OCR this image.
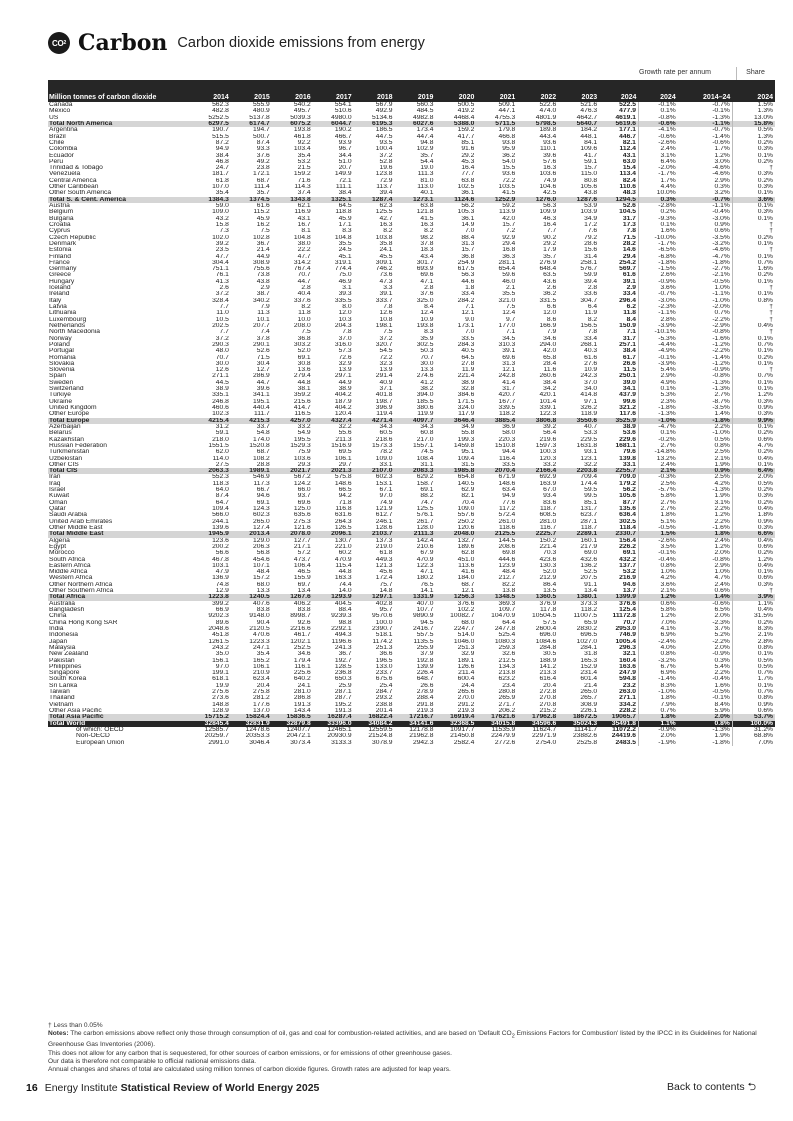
CO 2 Carbon Carbon dioxide emissions from energy
Growth rate per annum	Share
Million tonnes of carbon dioxide	2014	2015	2016	2017	2018	2019	2020	2021	2022	2023	2024	2024	2014–24	2024
Canada	562.3	555.9	540.2	554.1	567.9	560.3	500.5	509.1	522.6	521.6	522.5	-0.1%	-0.7%	1.5%
Mexico	482.8	480.9	495.7	510.6	492.9	484.5	419.2	447.1	474.0	476.3	477.9	0.1%	-0.1%	1.3%
US	5252.5	5137.8	5039.3	4980.0	5134.6	4982.8	4468.4	4755.3	4801.9	4642.7	4619.1	-0.8%	-1.3%	13.0%
Total North America	6297.5	6174.7	6075.2	6044.7	6195.3	6027.6	5388.0	5711.5	5798.5	5640.7	5619.6	-0.6%	-1.1%	15.8%
Argentina	190.7	194.7	193.8	190.2	186.5	173.4	159.2	179.8	189.8	184.2	177.1	-4.1%	-0.7%	0.5%
Brazil	515.5	500.7	461.8	466.7	447.5	447.4	417.7	466.8	443.4	448.1	446.7	-0.6%	-1.4%	1.3%
Chile	87.2	87.4	92.2	93.9	93.5	94.8	85.1	93.8	93.6	84.1	82.1	-2.6%	-0.6%	0.2%
Colombia	94.9	93.3	103.4	96.7	100.4	102.9	91.6	95.9	110.1	109.6	112.4	2.4%	1.7%	0.3%
Ecuador	38.4	37.6	35.4	34.4	37.2	35.7	29.2	36.2	39.6	41.7	43.1	3.1%	1.2%	0.1%
Peru	46.8	49.2	53.2	51.0	52.8	54.4	45.3	54.0	57.6	59.1	63.0	6.4%	3.0%	0.2%
Trinidad & Tobago	24.7	23.8	21.5	20.7	19.6	19.0	16.4	15.5	16.3	15.7	15.4	-2.0%	-4.6%	†
Venezuela	181.7	172.1	159.2	149.9	123.8	111.3	77.7	93.6	103.6	115.0	113.4	-1.7%	-4.6%	0.3%
Central America	61.8	68.7	71.6	72.1	72.9	81.0	63.8	72.2	74.9	80.8	82.4	1.7%	2.9%	0.2%
Other Caribbean	107.0	111.4	114.3	111.1	113.7	113.0	102.5	103.5	104.6	105.6	110.6	4.4%	0.3%	0.3%
Other South America	35.4	35.7	37.4	38.4	39.4	40.1	36.1	41.5	42.5	43.8	48.3	10.0%	3.2%	0.1%
Total S. & Cent. America	1384.3	1374.5	1343.8	1325.1	1287.4	1273.1	1124.6	1252.9	1276.0	1287.6	1294.5	0.3%	-0.7%	3.6%
Austria	59.0	61.6	62.1	64.5	62.3	63.8	56.2	59.2	56.3	53.9	52.6	-2.8%	-1.1%	0.1%
Belgium	109.0	115.2	116.9	118.8	125.5	121.8	105.3	113.9	109.9	103.9	104.5	0.2%	-0.4%	0.3%
Bulgaria	43.2	45.9	43.1	45.9	42.7	41.5	36.1	42.0	46.3	34.9	31.7	-9.3%	-3.0%	0.1%
Croatia	15.8	16.2	16.7	17.1	16.3	16.3	14.9	15.7	16.4	17.2	17.3	0.1%	0.9%	†
Cyprus	7.3	7.5	8.1	8.3	8.2	8.2	7.0	7.2	7.7	7.6	7.8	1.6%	0.6%	†
Czech Republic	102.0	102.8	104.8	104.8	103.8	98.2	88.4	92.9	90.2	79.2	71.5	-10.0%	-3.5%	0.2%
Denmark	39.2	36.7	38.0	35.5	35.8	37.8	31.3	29.4	29.2	28.6	28.2	-1.7%	-3.2%	0.1%
Estonia	23.5	21.4	22.2	24.5	24.1	18.3	15.7	16.8	17.9	15.6	14.6	-6.5%	-4.6%	†
Finland	47.7	44.9	47.7	45.1	45.5	43.4	36.8	36.3	35.7	31.4	29.4	-6.8%	-4.7%	0.1%
France	304.4	308.9	314.2	319.1	309.1	301.7	254.9	281.1	276.9	258.1	254.2	-1.8%	-1.8%	0.7%
Germany	751.1	755.6	767.4	774.4	746.2	693.9	617.5	654.4	648.4	576.7	569.7	-1.5%	-2.7%	1.6%
Greece	76.1	73.8	70.7	75.0	73.6	69.6	56.3	59.6	63.5	59.9	61.6	2.6%	-2.1%	0.2%
Hungary	41.3	43.8	44.7	46.9	47.3	47.1	44.6	46.0	43.6	39.4	39.1	-0.9%	-0.5%	0.1%
Iceland	2.6	2.9	2.8	3.1	3.3	2.8	1.8	2.1	2.6	2.8	2.9	3.6%	1.0%	†
Ireland	37.2	38.7	40.4	39.3	39.1	37.6	33.4	35.5	36.2	33.6	33.4	-0.7%	-1.1%	0.1%
Italy	328.4	340.2	337.6	335.5	333.7	325.0	284.2	321.0	331.5	304.7	296.4	-3.0%	-1.0%	0.8%
Latvia	7.7	7.9	8.2	8.0	7.8	8.4	7.1	7.5	6.6	6.4	6.2	-2.3%	-2.0%	†
Lithuania	11.0	11.3	11.8	12.0	12.6	12.4	12.1	12.4	12.0	11.9	11.8	-1.1%	0.7%	†
Luxembourg	10.5	10.1	10.0	10.3	10.8	10.9	9.0	9.7	8.6	8.2	8.4	2.8%	-2.2%	†
Netherlands	202.5	207.7	208.0	204.3	198.1	193.8	173.1	177.0	166.9	156.5	150.9	-3.9%	-2.9%	0.4%
North Macedonia	7.7	7.4	7.5	7.8	7.5	8.3	7.0	7.1	7.9	7.8	7.1	-10.1%	-0.8%	†
Norway	37.2	37.8	36.8	37.0	37.2	35.9	33.5	34.5	34.6	33.4	31.7	-5.3%	-1.6%	0.1%
Poland	290.3	290.1	303.2	316.0	320.7	302.5	284.3	310.3	294.0	268.1	257.1	-4.4%	-1.2%	0.7%
Portugal	48.0	52.6	52.0	57.3	54.5	50.3	40.5	39.1	42.0	40.3	38.4	-4.9%	-2.2%	0.1%
Romania	70.7	71.5	69.1	72.6	72.2	70.7	64.5	69.6	65.8	61.6	61.7	-0.1%	-1.4%	0.2%
Slovakia	30.0	30.4	30.8	32.9	32.3	30.0	27.8	31.3	28.4	27.6	26.6	-3.9%	-1.2%	0.1%
Slovenia	12.6	12.7	13.6	13.9	13.9	13.3	11.9	12.1	11.6	10.9	11.5	5.4%	-0.9%	†
Spain	271.1	286.9	279.4	297.1	291.4	274.6	221.4	242.8	260.6	242.3	250.1	2.9%	-0.8%	0.7%
Sweden	44.5	44.7	44.8	44.9	40.9	41.2	38.9	41.4	38.4	37.0	39.0	4.9%	-1.3%	0.1%
Switzerland	38.9	39.6	38.1	38.9	37.1	38.2	32.8	31.7	34.2	34.0	34.1	0.1%	-1.3%	0.1%
Türkiye	335.1	341.1	359.2	404.2	401.8	394.0	384.6	420.7	420.1	414.8	437.9	5.3%	2.7%	1.2%
Ukraine	246.8	195.1	215.6	187.9	198.7	185.5	171.5	167.7	101.4	97.1	99.6	2.3%	-8.7%	0.3%
United Kingdom	460.6	440.4	414.7	404.2	396.9	380.6	324.0	339.5	339.1	326.2	321.2	-1.8%	-3.5%	0.9%
Other Europe	102.3	111.7	116.5	120.4	119.4	119.9	117.9	118.2	122.3	118.9	117.6	-1.3%	1.4%	0.3%
Total Europe	4215.4	4215.3	4257.0	4327.4	4271.4	4097.7	3646.4	3885.4	3806.8	3550.6	3525.9	-1.0%	-1.8%	9.9%
Azerbaijan	31.2	33.7	33.2	32.2	34.3	34.3	34.9	36.9	39.2	40.7	38.9	-4.7%	2.2%	0.1%
Belarus	59.1	54.8	54.9	55.6	60.5	60.8	55.8	58.0	56.4	53.3	53.6	0.1%	-1.0%	0.2%
Kazakhstan	218.0	174.0	195.5	211.3	218.6	217.0	199.3	220.3	219.6	229.5	229.6	-0.2%	0.5%	0.6%
Russian Federation	1551.5	1520.8	1529.3	1516.9	1573.3	1557.1	1459.8	1510.8	1597.3	1631.8	1681.1	2.7%	0.8%	4.7%
Turkmenistan	62.0	68.7	75.9	69.5	78.2	74.5	95.1	94.4	100.3	93.1	79.6	-14.8%	2.5%	0.2%
Uzbekistan	114.0	108.2	103.6	106.1	109.0	108.4	109.4	116.4	120.3	123.1	139.8	13.2%	2.1%	0.4%
Other CIS	27.5	28.8	29.3	29.7	33.1	31.1	31.5	33.5	33.2	32.2	33.1	2.4%	1.9%	0.1%
Total CIS	2063.3	1989.1	2021.7	2021.3	2107.0	2083.3	1985.8	2070.4	2166.4	2203.8	2255.7	2.1%	0.9%	6.4%
Iran	552.3	546.9	567.2	575.8	602.3	629.2	654.8	671.9	692.9	709.4	709.0	-0.3%	2.5%	2.0%
Iraq	118.3	117.3	124.2	148.6	153.1	158.7	140.5	148.6	163.9	174.4	179.2	2.5%	4.2%	0.5%
Israel	64.0	66.7	66.0	66.5	67.1	69.1	62.9	63.4	67.0	59.5	56.2	-5.7%	-1.3%	0.2%
Kuwait	87.4	94.6	93.7	94.2	97.0	88.2	82.1	94.9	93.4	99.5	105.6	5.8%	1.9%	0.3%
Oman	64.7	69.1	69.6	71.8	74.9	74.7	70.4	77.6	83.6	85.1	87.7	2.7%	3.1%	0.2%
Qatar	109.4	124.3	125.0	116.8	121.9	125.5	109.0	117.2	118.7	131.7	135.6	2.7%	2.2%	0.4%
Saudi Arabia	566.0	602.3	635.6	631.6	612.7	576.1	557.6	572.4	608.5	623.7	636.4	1.8%	1.2%	1.8%
United Arab Emirates	244.1	265.0	275.3	264.3	246.1	261.7	250.2	261.0	281.0	287.1	302.5	5.1%	2.2%	0.9%
Other Middle East	139.6	127.4	121.6	126.5	128.6	128.0	120.6	118.6	116.7	118.7	118.4	-0.5%	-1.6%	0.3%
Total Middle East	1945.9	2013.4	2078.0	2096.1	2103.7	2111.3	2048.0	2125.5	2225.7	2289.1	2330.7	1.5%	1.8%	6.6%
Algeria	123.6	129.0	127.7	130.7	137.3	142.4	132.7	144.5	150.2	160.1	156.4	-2.6%	2.4%	0.4%
Egypt	200.2	206.3	217.1	221.0	219.0	210.6	189.6	208.6	221.4	217.9	226.2	3.5%	1.2%	0.6%
Morocco	56.6	56.8	57.2	60.2	61.8	67.9	62.8	69.8	70.3	69.0	69.1	-0.1%	2.0%	0.2%
South Africa	467.8	454.6	473.7	470.9	449.3	470.9	451.0	444.6	423.6	432.6	432.2	-0.4%	-0.8%	1.2%
Eastern Africa	103.1	107.1	106.4	115.4	121.3	122.3	113.6	123.9	130.3	136.2	137.7	0.8%	2.9%	0.4%
Middle Africa	47.9	48.4	46.5	44.8	45.6	47.1	41.6	48.4	52.0	52.5	53.2	1.0%	1.0%	0.1%
Western Africa	136.9	157.2	155.9	163.3	172.4	180.2	184.0	212.7	212.9	207.5	216.9	4.2%	4.7%	0.6%
Other Northern Africa	74.8	68.0	69.7	74.4	75.7	76.5	68.7	82.2	86.4	91.1	94.6	3.6%	2.4%	0.3%
Other Southern Africa	12.9	13.3	13.4	14.0	14.8	14.1	12.1	13.8	13.5	13.4	13.7	2.1%	0.6%	†
Total Africa	1223.8	1240.5	1267.6	1293.9	1297.1	1331.9	1256.3	1348.5	1360.5	1380.1	1399.9	1.2%	1.4%	3.9%
Australia	399.2	407.6	406.2	404.5	402.8	407.0	376.6	369.3	376.9	373.3	376.6	0.6%	-0.6%	1.1%
Bangladesh	66.9	83.8	83.8	88.4	95.7	107.7	102.2	109.7	117.8	118.2	125.4	5.8%	6.5%	0.4%
China	9202.3	9148.0	8998.7	9239.3	9570.6	9890.9	10082.7	10470.9	10504.5	11007.5	11172.8	1.2%	2.0%	31.5%
China Hong Kong SAR	89.6	90.4	92.6	98.8	100.0	94.5	68.0	64.4	57.5	65.9	70.7	7.0%	-2.3%	0.2%
India	2048.6	2120.5	2216.6	2292.1	2390.7	2416.7	2247.7	2477.8	2600.4	2830.2	2953.0	4.1%	3.7%	8.3%
Indonesia	451.8	470.6	461.7	494.3	518.1	557.5	514.0	525.4	696.0	696.5	746.9	6.9%	5.2%	2.1%
Japan	1261.5	1223.3	1202.1	1196.6	1174.2	1135.5	1046.0	1080.3	1084.6	1027.0	1005.4	-2.4%	-2.2%	2.8%
Malaysia	243.2	247.1	252.5	241.3	251.3	255.9	251.3	259.3	284.8	284.1	296.3	4.0%	2.0%	0.8%
New Zealand	35.0	35.4	34.6	36.7	36.6	37.9	32.9	32.6	30.5	31.8	32.1	0.8%	-0.9%	0.1%
Pakistan	156.1	165.2	179.4	192.7	196.5	192.8	189.1	212.5	188.9	165.3	160.4	-3.2%	0.3%	0.5%
Philippines	97.0	106.1	116.1	128.5	133.0	139.9	126.6	134.3	141.2	152.9	163.6	6.7%	5.4%	0.5%
Singapore	199.1	210.9	225.6	236.8	233.7	226.4	211.4	213.8	213.3	231.4	247.9	6.9%	2.2%	0.7%
South Korea	618.1	623.4	640.2	650.3	675.6	648.7	600.4	623.2	616.4	601.4	594.8	-1.4%	-0.4%	1.7%
Sri Lanka	19.9	20.4	24.1	25.9	25.4	26.6	24.4	23.4	20.4	21.4	23.2	8.3%	1.6%	0.1%
Taiwan	275.6	275.8	281.0	287.1	284.7	278.9	265.6	280.8	272.8	265.0	263.0	-1.0%	-0.5%	0.7%
Thailand	273.6	281.2	286.8	287.7	293.2	288.4	270.0	265.9	270.8	265.7	271.1	1.8%	-0.1%	0.8%
Vietnam	148.8	177.6	191.3	195.2	238.8	291.8	291.2	271.7	270.8	308.9	334.2	7.9%	8.4%	0.9%
Other Asia Pacific	128.9	137.0	143.4	191.3	201.4	219.3	219.3	206.2	215.2	226.1	228.2	0.7%	5.9%	0.6%
Total Asia Pacific	15715.2	15824.4	15836.5	16287.4	16822.4	17216.7	16919.4	17621.6	17962.8	18672.5	19065.7	1.8%	2.0%	53.7%
Total World	32845.4	32831.9	32879.8	33396.0	34084.2	34141.6	32368.5	34015.8	34596.6	35024.3	35491.8	1.1%	0.8%	100.0%
of which: OECD	12585.7	12478.6	12407.7	12465.1	12559.5	12178.8	10917.7	11535.9	11624.7	11141.7	11072.2	-0.9%	-1.3%	31.2%
Non-OECD	20259.7	20353.3	20472.1	20930.9	21524.8	21962.8	21450.8	22479.9	22971.9	23882.6	24419.6	2.0%	1.9%	68.8%
European Union	2991.0	3046.4	3073.4	3133.3	3078.9	2942.3	2582.4	2772.6	2754.0	2525.8	2483.5	-1.9%	-1.8%	7.0%
† Less than 0.05%
Notes: The carbon emissions above reflect only those through consumption of oil, gas and coal for combustion-related activities, and are based on 'Default $CO_2$ Emissions Factors for Combustion' listed by the IPCC in its Guidelines for National Greenhouse Gas Inventories (2006).
This does not allow for any carbon that is sequestered, for other sources of carbon emissions, or for emissions of other greenhouse gases.
Our data is therefore not comparable to official national emissions data.
Annual changes and shares of total are calculated using million tonnes of carbon dioxide figures. Growth rates are adjusted for leap years.
16 Energy Institute Statistical Review of World Energy 2025	Back to contents ⮌
